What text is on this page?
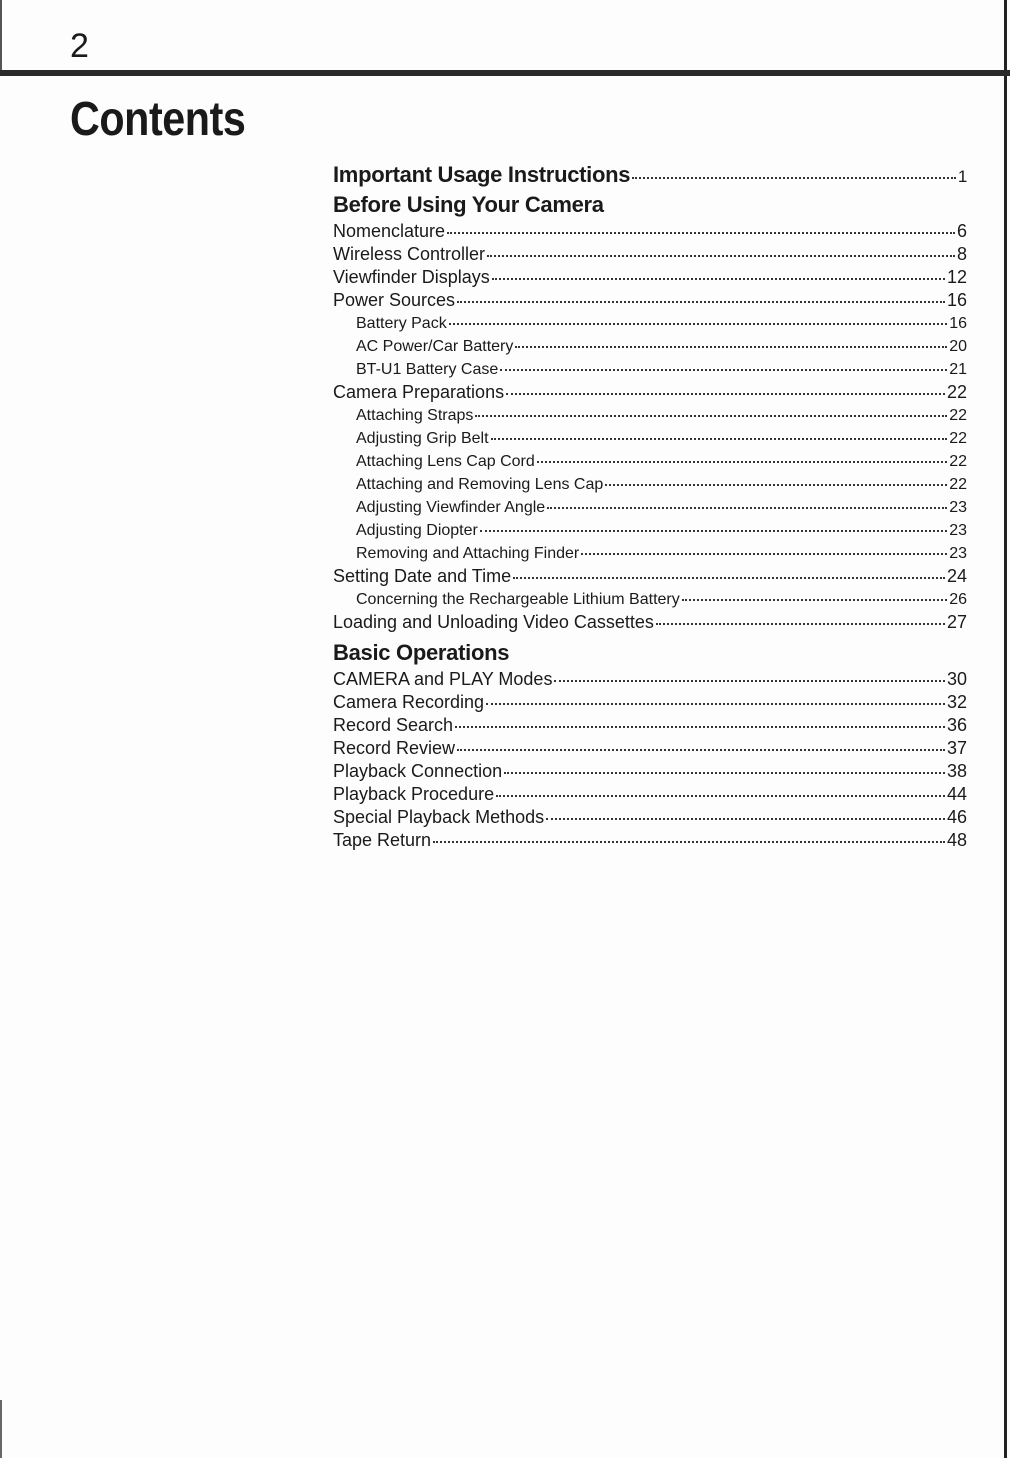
2
Contents
Important Usage Instructions	1
Before Using Your Camera
Nomenclature	6
Wireless Controller	8
Viewfinder Displays	12
Power Sources	16
Battery Pack	16
AC Power/Car Battery	20
BT-U1 Battery Case	21
Camera Preparations	22
Attaching Straps	22
Adjusting Grip Belt	22
Attaching Lens Cap Cord	22
Attaching and Removing Lens Cap	22
Adjusting Viewfinder Angle	23
Adjusting Diopter	23
Removing and Attaching Finder	23
Setting Date and Time	24
Concerning the Rechargeable Lithium Battery	26
Loading and Unloading Video Cassettes	27
Basic Operations
CAMERA and PLAY Modes	30
Camera Recording	32
Record Search	36
Record Review	37
Playback Connection	38
Playback Procedure	44
Special Playback Methods	46
Tape Return	48
